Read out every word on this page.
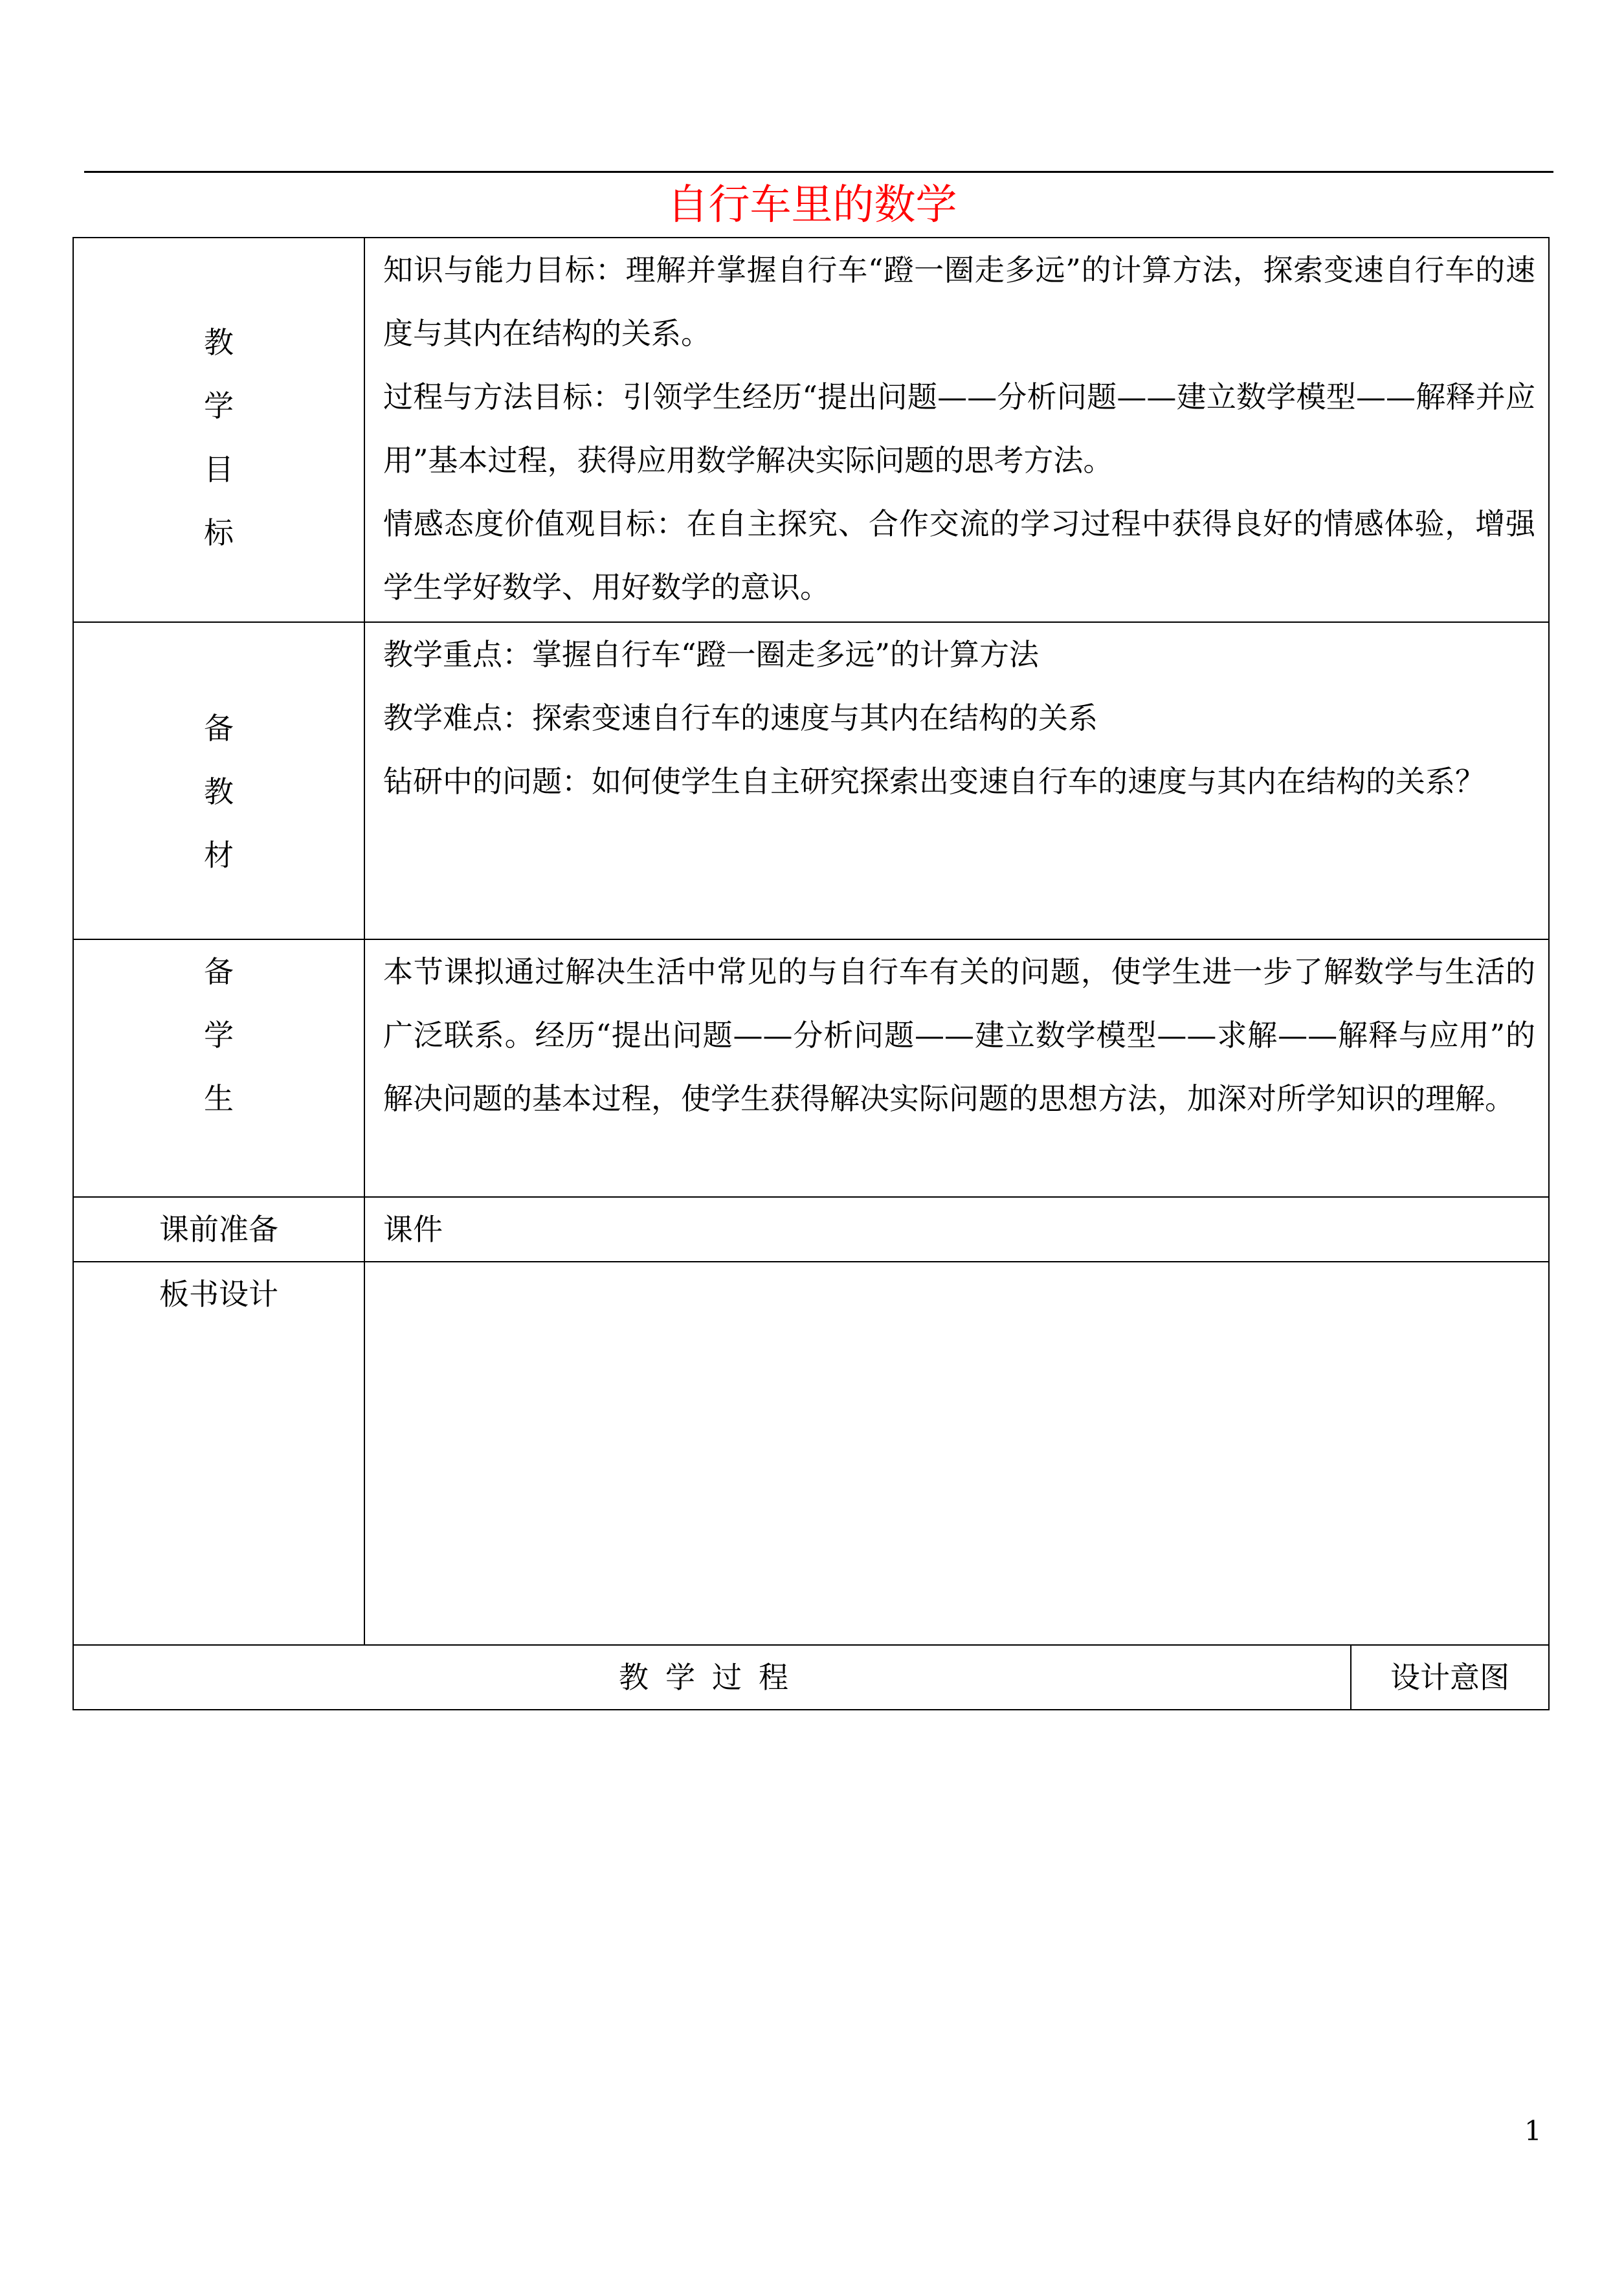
自行车里的数学
教
学
目
标	知识与能力目标：理解并掌握自行车“蹬一圈走多远”的计算方法，探索变速自行车的速度与其内在结构的关系。
过程与方法目标：引领学生经历“提出问题——分析问题——建立数学模型——解释并应用”基本过程，获得应用数学解决实际问题的思考方法。
情感态度价值观目标：在自主探究、合作交流的学习过程中获得良好的情感体验，增强学生学好数学、用好数学的意识。	

备
教
材	教学重点：掌握自行车“蹬一圈走多远”的计算方法
教学难点：探索变速自行车的速度与其内在结构的关系
钻研中的问题：如何使学生自主研究探索出变速自行车的速度与其内在结构的关系？	

备
学
生	本节课拟通过解决生活中常见的与自行车有关的问题，使学生进一步了解数学与生活的广泛联系。经历“提出问题——分析问题——建立数学模型——求解——解释与应用”的解决问题的基本过程，使学生获得解决实际问题的思想方法，加深对所学知识的理解。	

课前准备	课件	

板书设计		

教学过程		设计意图
1
